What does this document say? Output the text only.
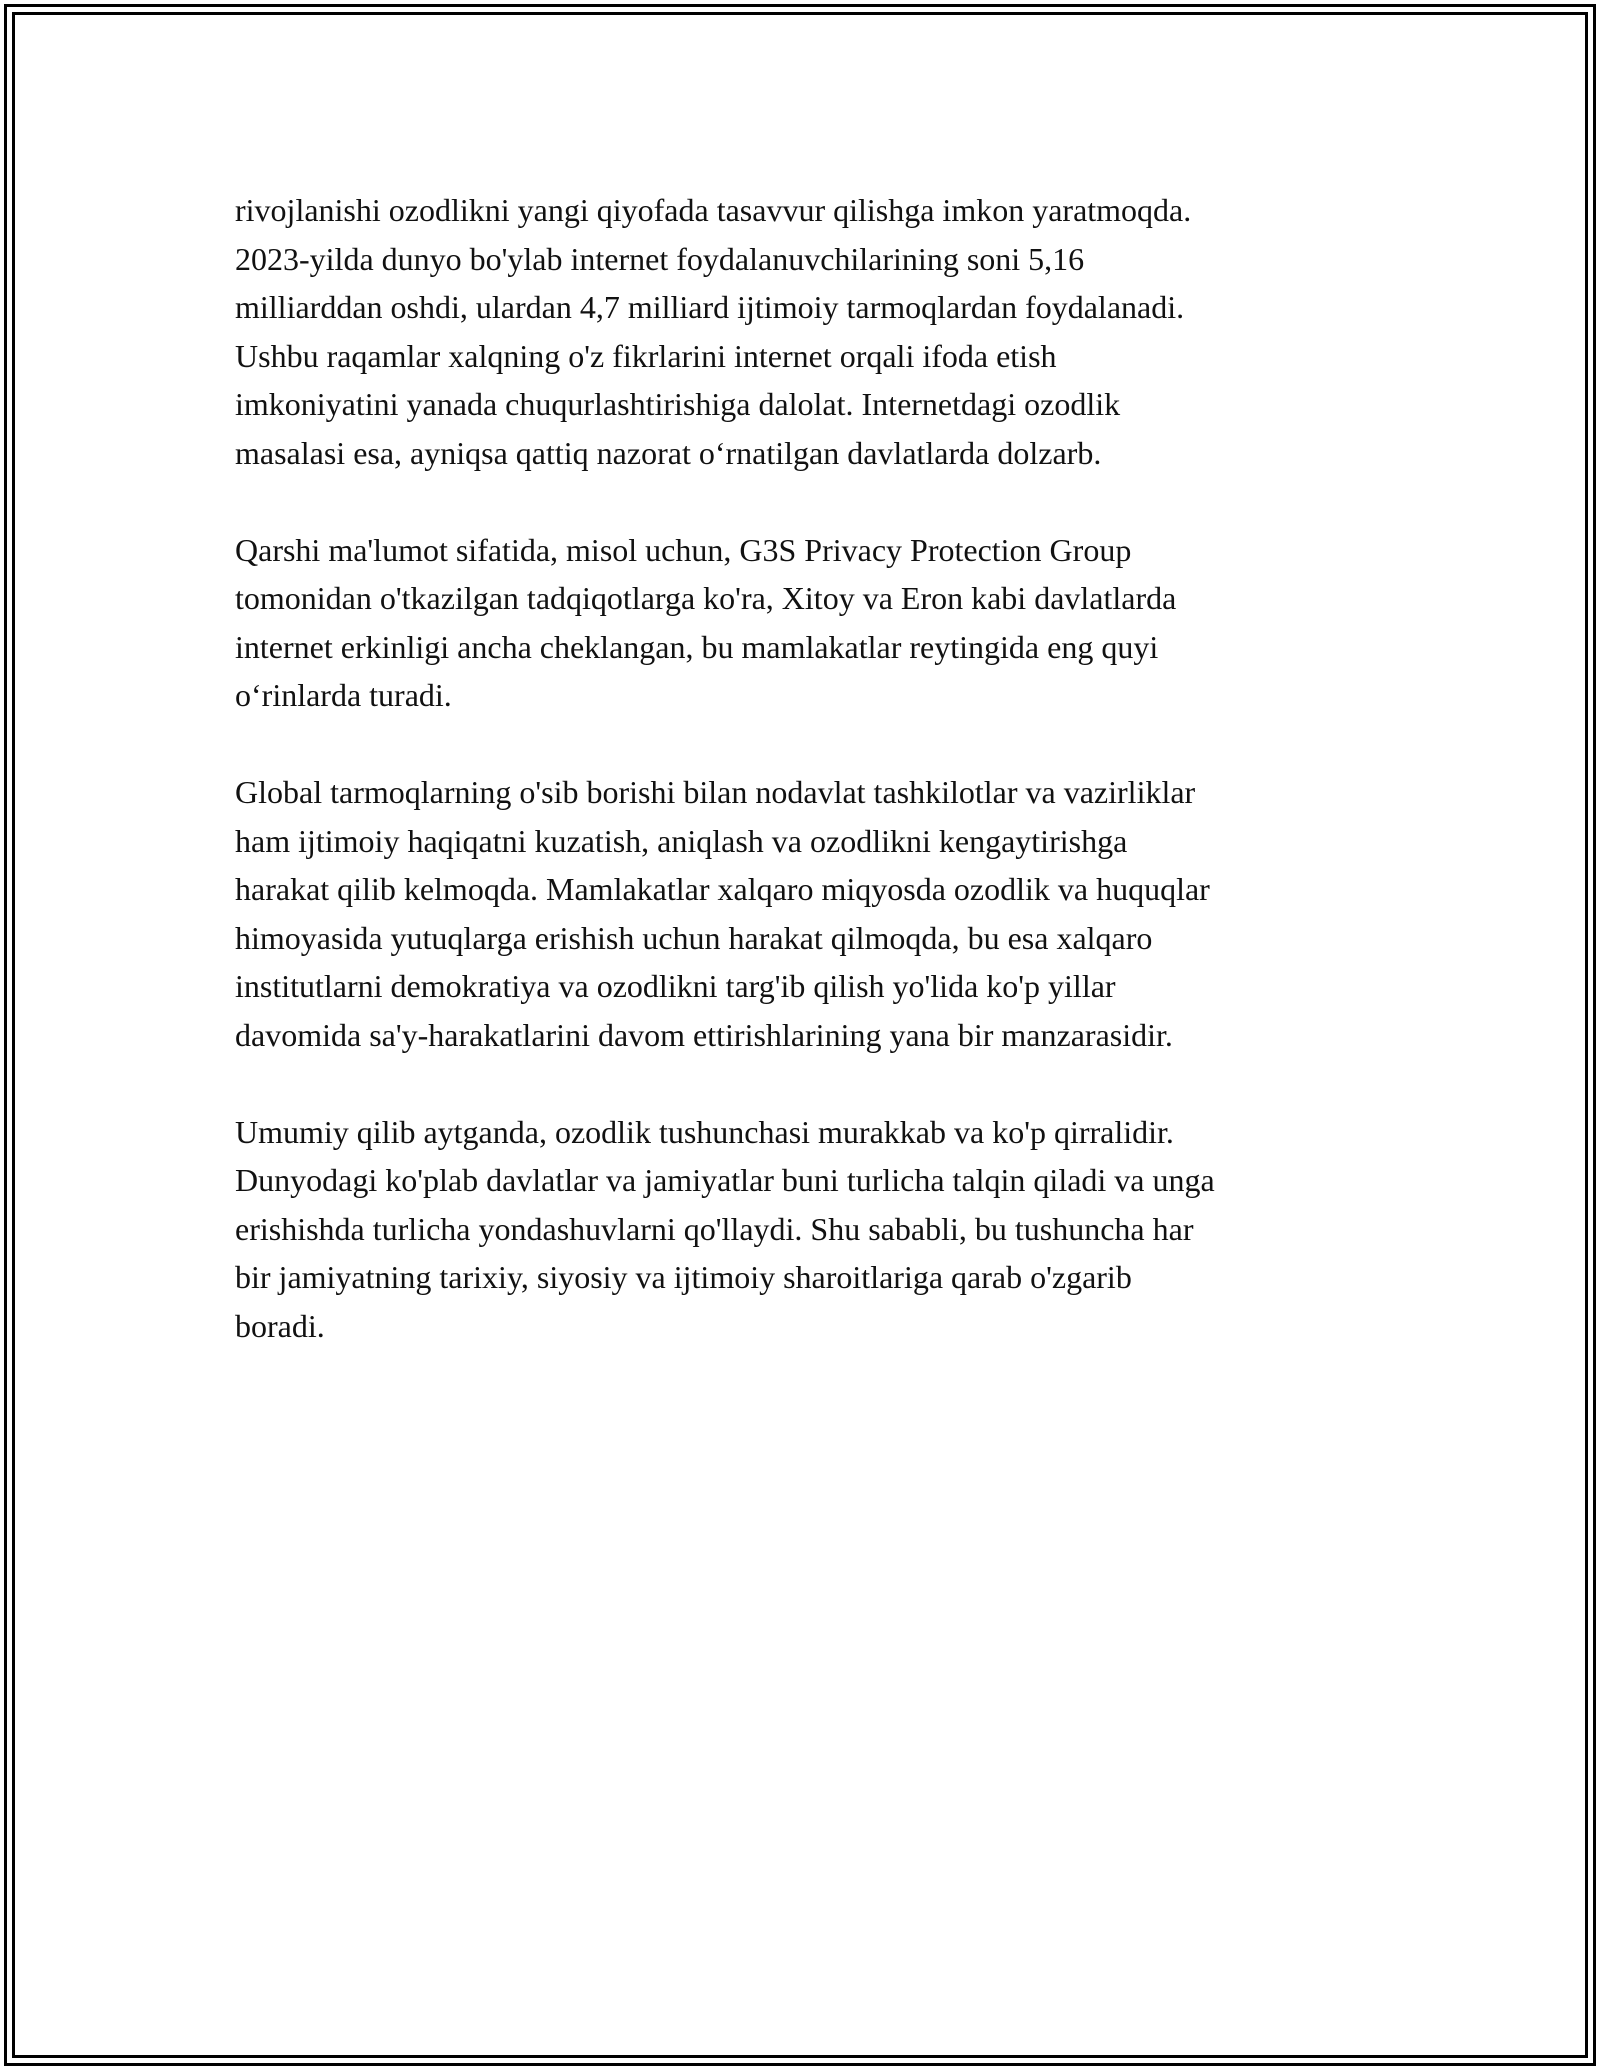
rivojlanishi ozodlikni yangi qiyofada tasavvur qilishga imkon yaratmoqda.
2023-yilda dunyo bo'ylab internet foydalanuvchilarining soni 5,16
milliarddan oshdi, ulardan 4,7 milliard ijtimoiy tarmoqlardan foydalanadi.
Ushbu raqamlar xalqning o'z fikrlarini internet orqali ifoda etish
imkoniyatini yanada chuqurlashtirishiga dalolat. Internetdagi ozodlik
masalasi esa, ayniqsa qattiq nazorat o‘rnatilgan davlatlarda dolzarb.
Qarshi ma'lumot sifatida, misol uchun, G3S Privacy Protection Group
tomonidan o'tkazilgan tadqiqotlarga ko'ra, Xitoy va Eron kabi davlatlarda
internet erkinligi ancha cheklangan, bu mamlakatlar reytingida eng quyi
o‘rinlarda turadi.
Global tarmoqlarning o'sib borishi bilan nodavlat tashkilotlar va vazirliklar
ham ijtimoiy haqiqatni kuzatish, aniqlash va ozodlikni kengaytirishga
harakat qilib kelmoqda. Mamlakatlar xalqaro miqyosda ozodlik va huquqlar
himoyasida yutuqlarga erishish uchun harakat qilmoqda, bu esa xalqaro
institutlarni demokratiya va ozodlikni targ'ib qilish yo'lida ko'p yillar
davomida sa'y-harakatlarini davom ettirishlarining yana bir manzarasidir.
Umumiy qilib aytganda, ozodlik tushunchasi murakkab va ko'p qirralidir.
Dunyodagi ko'plab davlatlar va jamiyatlar buni turlicha talqin qiladi va unga
erishishda turlicha yondashuvlarni qo'llaydi. Shu sababli, bu tushuncha har
bir jamiyatning tarixiy, siyosiy va ijtimoiy sharoitlariga qarab o'zgarib
boradi.
